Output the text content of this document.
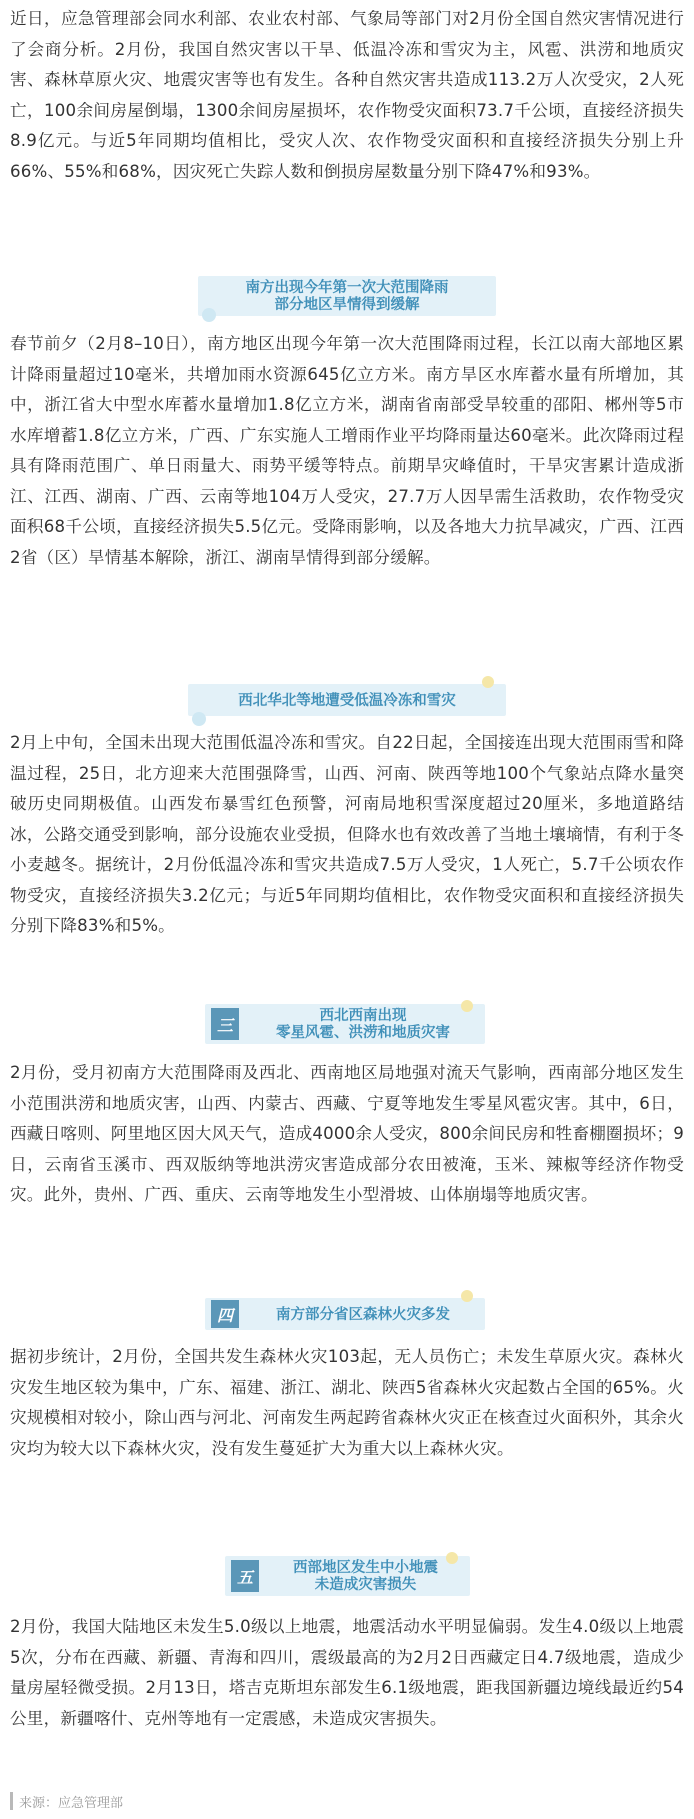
近日，应急管理部会同水利部、农业农村部、气象局等部门对2月份全国自然灾害情况进行了会商分析。2月份，我国自然灾害以干旱、低温冷冻和雪灾为主，风雹、洪涝和地质灾害、森林草原火灾、地震灾害等也有发生。各种自然灾害共造成113.2万人次受灾，2人死亡，100余间房屋倒塌，1300余间房屋损坏，农作物受灾面积73.7千公顷，直接经济损失8.9亿元。与近5年同期均值相比，受灾人次、农作物受灾面积和直接经济损失分别上升66%、55%和68%，因灾死亡失踪人数和倒损房屋数量分别下降47%和93%。

南方出现今年第一次大范围降雨
部分地区旱情得到缓解

春节前夕（2月8–10日），南方地区出现今年第一次大范围降雨过程，长江以南大部地区累计降雨量超过10毫米，共增加雨水资源645亿立方米。南方旱区水库蓄水量有所增加，其中，浙江省大中型水库蓄水量增加1.8亿立方米，湖南省南部受旱较重的邵阳、郴州等5市水库增蓄1.8亿立方米，广西、广东实施人工增雨作业平均降雨量达60毫米。此次降雨过程具有降雨范围广、单日雨量大、雨势平缓等特点。前期旱灾峰值时，干旱灾害累计造成浙江、江西、湖南、广西、云南等地104万人受灾，27.7万人因旱需生活救助，农作物受灾面积68千公顷，直接经济损失5.5亿元。受降雨影响，以及各地大力抗旱减灾，广西、江西2省（区）旱情基本解除，浙江、湖南旱情得到部分缓解。

西北华北等地遭受低温冷冻和雪灾

2月上中旬，全国未出现大范围低温冷冻和雪灾。自22日起，全国接连出现大范围雨雪和降温过程，25日，北方迎来大范围强降雪，山西、河南、陕西等地100个气象站点降水量突破历史同期极值。山西发布暴雪红色预警，河南局地积雪深度超过20厘米，多地道路结冰，公路交通受到影响，部分设施农业受损，但降水也有效改善了当地土壤墒情，有利于冬小麦越冬。据统计，2月份低温冷冻和雪灾共造成7.5万人受灾，1人死亡，5.7千公顷农作物受灾，直接经济损失3.2亿元；与近5年同期均值相比，农作物受灾面积和直接经济损失分别下降83%和5%。

三	西北西南出现
零星风雹、洪涝和地质灾害

2月份，受月初南方大范围降雨及西北、西南地区局地强对流天气影响，西南部分地区发生小范围洪涝和地质灾害，山西、内蒙古、西藏、宁夏等地发生零星风雹灾害。其中，6日，西藏日喀则、阿里地区因大风天气，造成4000余人受灾，800余间民房和牲畜棚圈损坏；9日，云南省玉溪市、西双版纳等地洪涝灾害造成部分农田被淹，玉米、辣椒等经济作物受灾。此外，贵州、广西、重庆、云南等地发生小型滑坡、山体崩塌等地质灾害。

四	南方部分省区森林火灾多发

据初步统计，2月份，全国共发生森林火灾103起，无人员伤亡；未发生草原火灾。森林火灾发生地区较为集中，广东、福建、浙江、湖北、陕西5省森林火灾起数占全国的65%。火灾规模相对较小，除山西与河北、河南发生两起跨省森林火灾正在核查过火面积外，其余火灾均为较大以下森林火灾，没有发生蔓延扩大为重大以上森林火灾。

五	西部地区发生中小地震
未造成灾害损失

2月份，我国大陆地区未发生5.0级以上地震，地震活动水平明显偏弱。发生4.0级以上地震5次，分布在西藏、新疆、青海和四川，震级最高的为2月2日西藏定日4.7级地震，造成少量房屋轻微受损。2月13日，塔吉克斯坦东部发生6.1级地震，距我国新疆边境线最近约54公里，新疆喀什、克州等地有一定震感，未造成灾害损失。

来源：应急管理部
